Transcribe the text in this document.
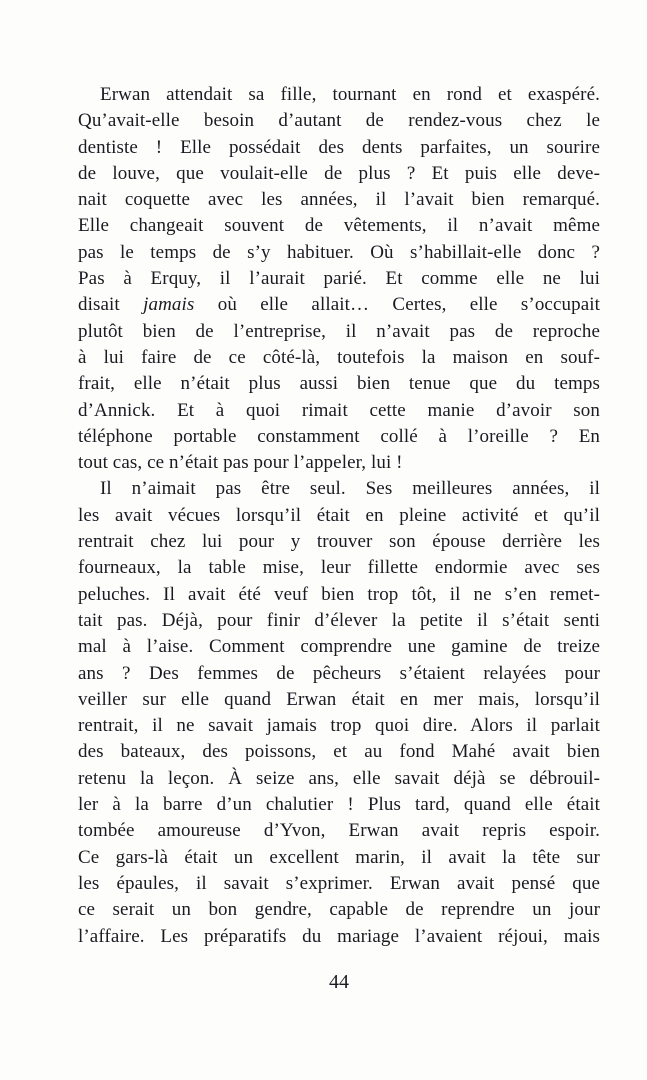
Erwan attendait sa fille, tournant en rond et exaspéré.
Qu’avait-elle besoin d’autant de rendez-vous chez le
dentiste ! Elle possédait des dents parfaites, un sourire
de louve, que voulait-elle de plus ? Et puis elle deve-
nait coquette avec les années, il l’avait bien remarqué.
Elle changeait souvent de vêtements, il n’avait même
pas le temps de s’y habituer. Où s’habillait-elle donc ?
Pas à Erquy, il l’aurait parié. Et comme elle ne lui
disait jamais où elle allait… Certes, elle s’occupait
plutôt bien de l’entreprise, il n’avait pas de reproche
à lui faire de ce côté-là, toutefois la maison en souf-
frait, elle n’était plus aussi bien tenue que du temps
d’Annick. Et à quoi rimait cette manie d’avoir son
téléphone portable constamment collé à l’oreille ? En
tout cas, ce n’était pas pour l’appeler, lui !
Il n’aimait pas être seul. Ses meilleures années, il
les avait vécues lorsqu’il était en pleine activité et qu’il
rentrait chez lui pour y trouver son épouse derrière les
fourneaux, la table mise, leur fillette endormie avec ses
peluches. Il avait été veuf bien trop tôt, il ne s’en remet-
tait pas. Déjà, pour finir d’élever la petite il s’était senti
mal à l’aise. Comment comprendre une gamine de treize
ans ? Des femmes de pêcheurs s’étaient relayées pour
veiller sur elle quand Erwan était en mer mais, lorsqu’il
rentrait, il ne savait jamais trop quoi dire. Alors il parlait
des bateaux, des poissons, et au fond Mahé avait bien
retenu la leçon. À seize ans, elle savait déjà se débrouil-
ler à la barre d’un chalutier ! Plus tard, quand elle était
tombée amoureuse d’Yvon, Erwan avait repris espoir.
Ce gars-là était un excellent marin, il avait la tête sur
les épaules, il savait s’exprimer. Erwan avait pensé que
ce serait un bon gendre, capable de reprendre un jour
l’affaire. Les préparatifs du mariage l’avaient réjoui, mais
44
